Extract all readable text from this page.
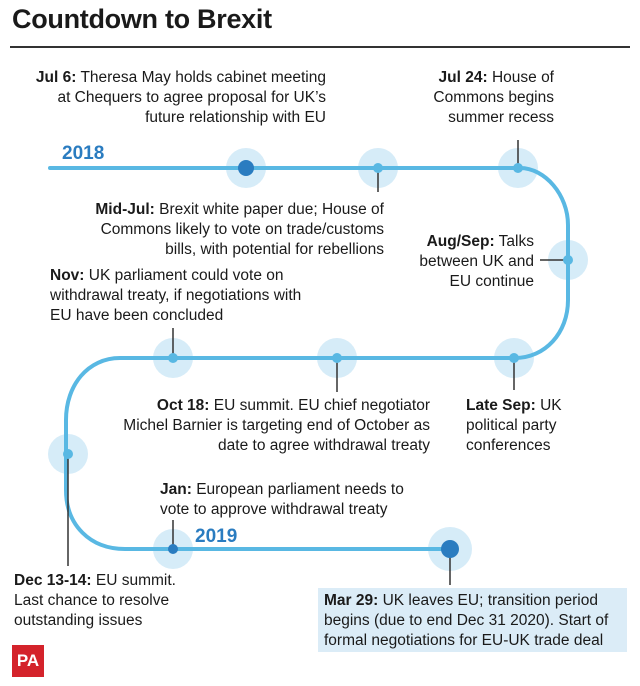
Countdown to Brexit
2018
2019
Jul 6: Theresa May holds cabinet meeting at Chequers to agree proposal for UK’s future relationship with EU
Jul 24: House of Commons begins summer recess
Mid-Jul: Brexit white paper due; House of Commons likely to vote on trade/customs bills, with potential for rebellions	Aug/Sep: Talks between UK and EU continue
Nov: UK parliament could vote on withdrawal treaty, if negotiations with EU have been concluded
Oct 18: EU summit. EU chief negotiator Michel Barnier is targeting end of October as date to agree withdrawal treaty
Late Sep: UK political party conferences
Jan: European parliament needs to vote to approve withdrawal treaty
Dec 13-14: EU summit. Last chance to resolve outstanding issues
Mar 29: UK leaves EU; transition period begins (due to end Dec 31 2020). Start of formal negotiations for EU-UK trade deal
PA
